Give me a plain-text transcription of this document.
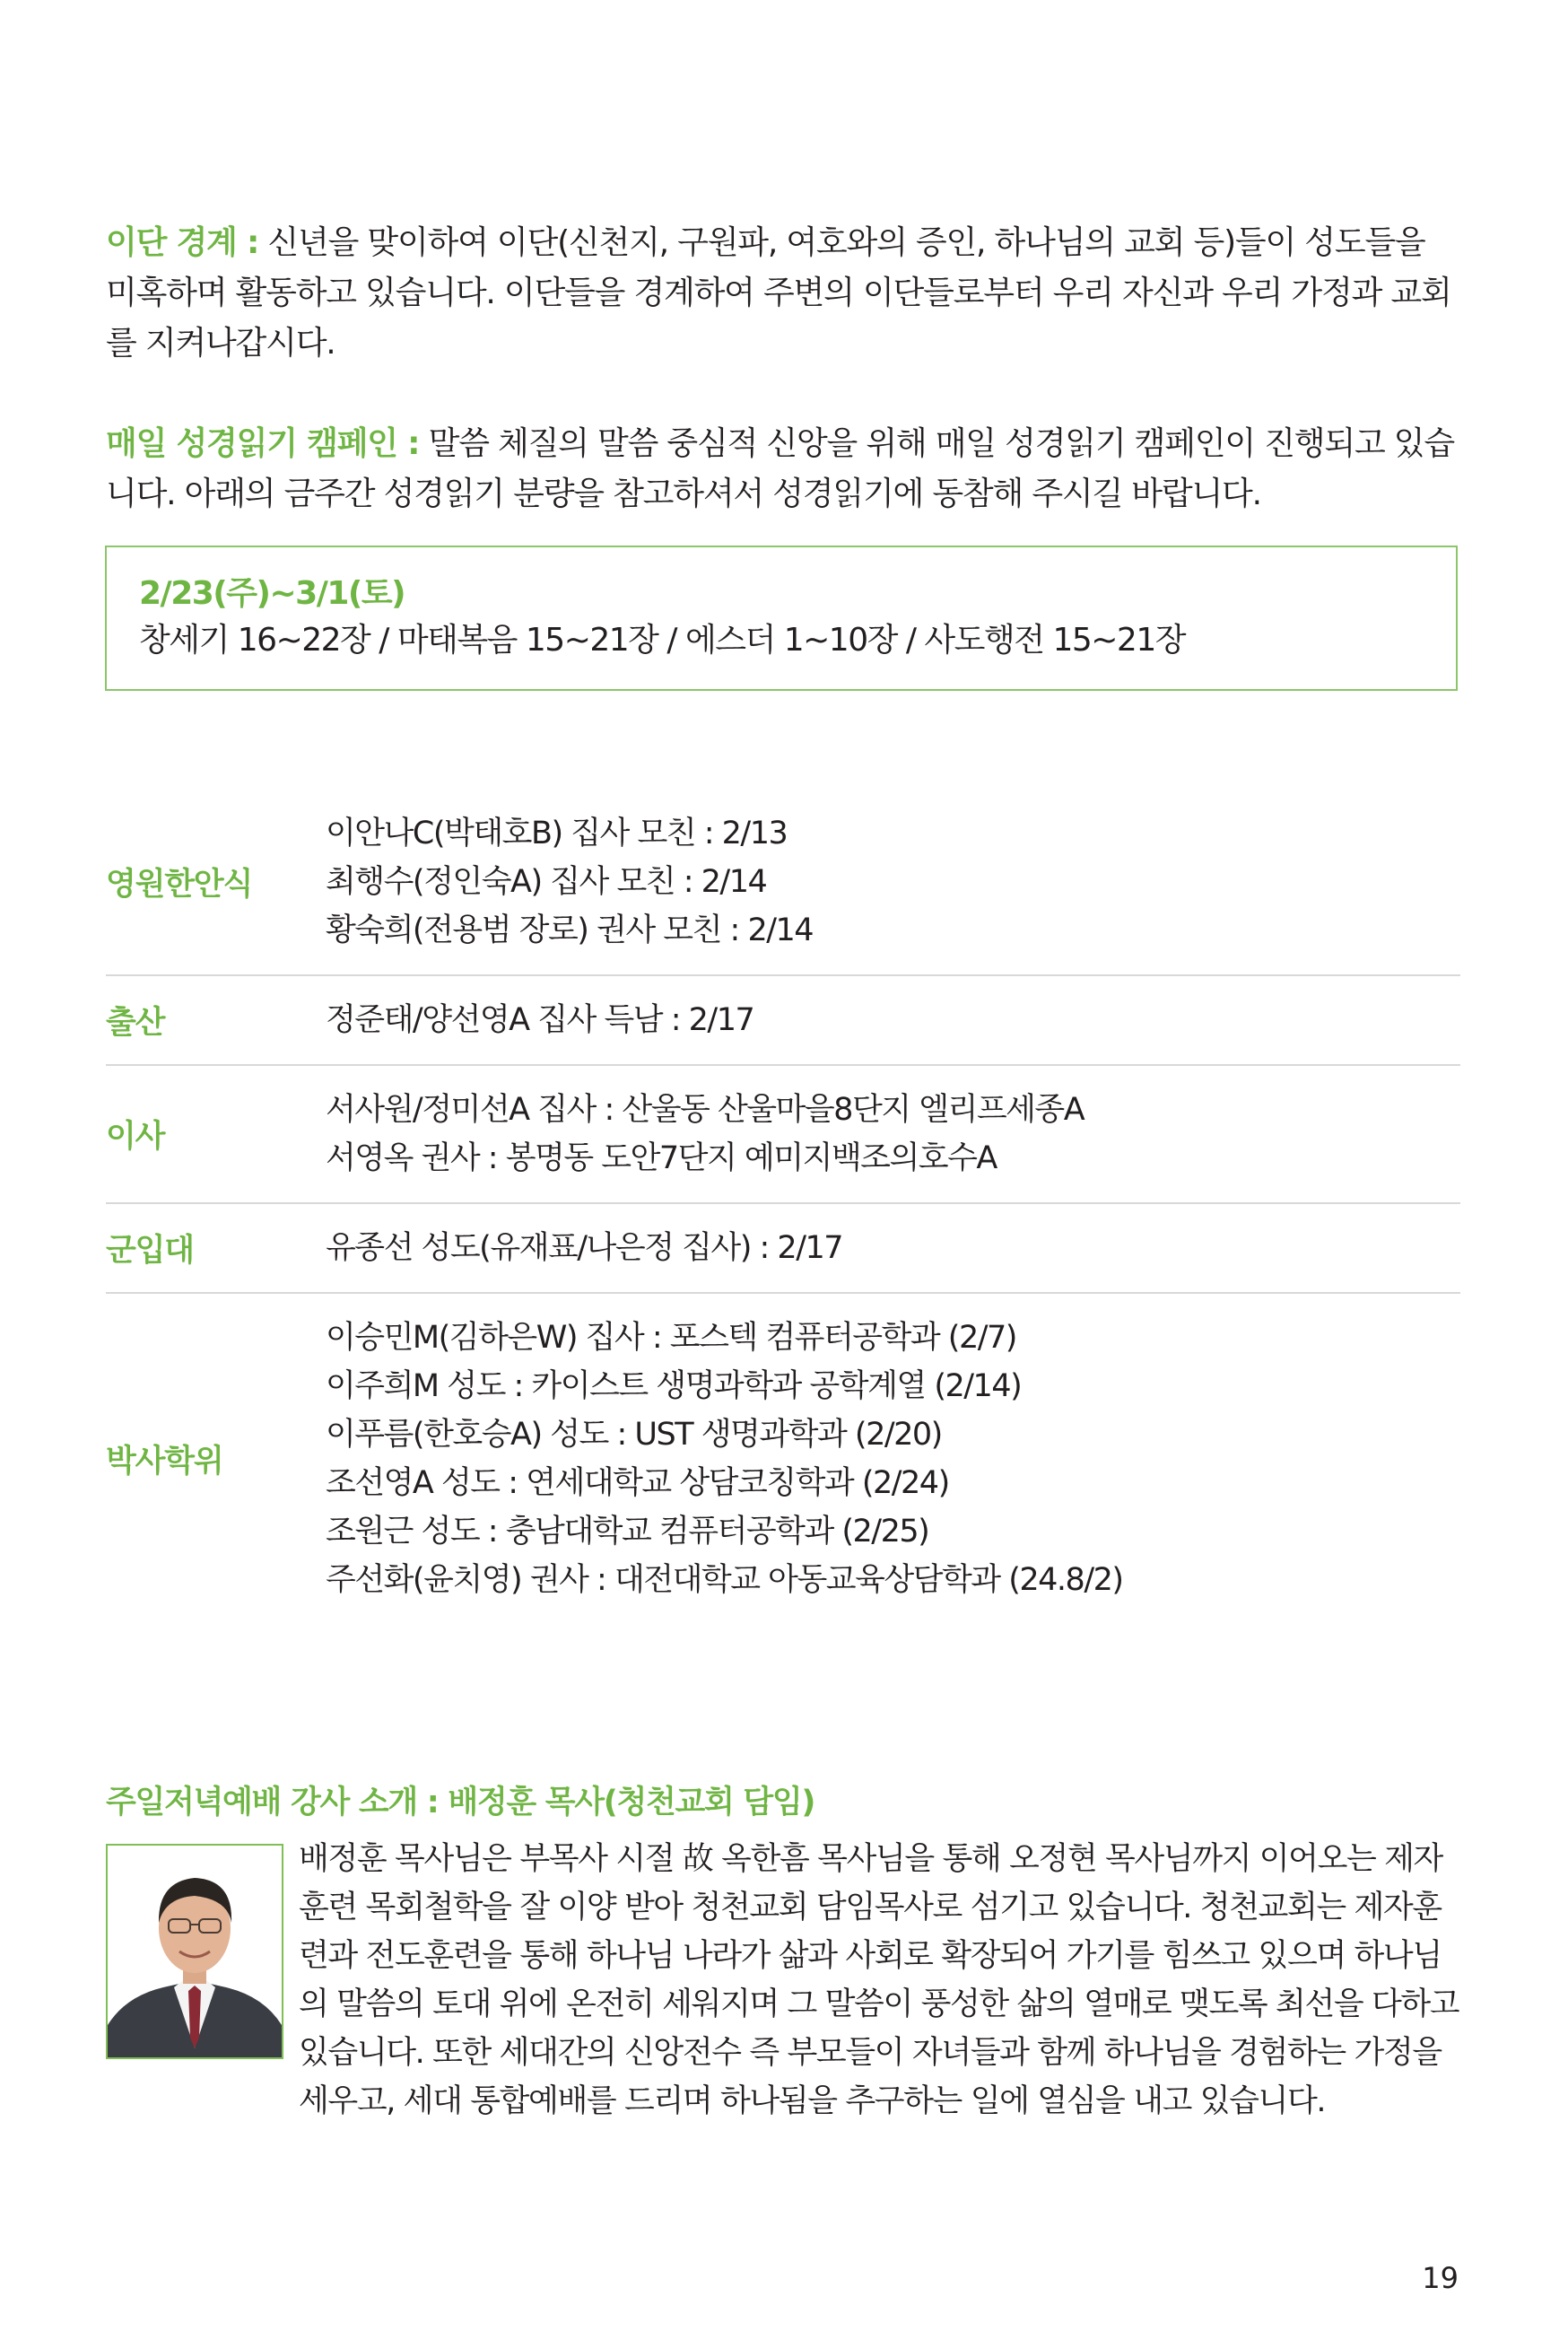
이단 경계 : 신년을 맞이하여 이단(신천지, 구원파, 여호와의 증인, 하나님의 교회 등)들이 성도들을 미혹하며 활동하고 있습니다. 이단들을 경계하여 주변의 이단들로부터 우리 자신과 우리 가정과 교회를 지켜나갑시다.

매일 성경읽기 캠페인 : 말씀 체질의 말씀 중심적 신앙을 위해 매일 성경읽기 캠페인이 진행되고 있습니다. 아래의 금주간 성경읽기 분량을 참고하셔서 성경읽기에 동참해 주시길 바랍니다.

2/23(주)~3/1(토)
창세기 16~22장 / 마태복음 15~21장 / 에스더 1~10장 / 사도행전 15~21장
영원한안식
이안나C(박태호B) 집사 모친 : 2/13
최행수(정인숙A) 집사 모친 : 2/14
황숙희(전용범 장로) 권사 모친 : 2/14
출산	정준태/양선영A 집사 득남 : 2/17
이사
서사원/정미선A 집사 : 산울동 산울마을8단지 엘리프세종A
서영옥 권사 : 봉명동 도안7단지 예미지백조의호수A
군입대	유종선 성도(유재표/나은정 집사) : 2/17
박사학위
이승민M(김하은W) 집사 : 포스텍 컴퓨터공학과 (2/7)
이주희M 성도 : 카이스트 생명과학과 공학계열 (2/14)
이푸름(한호승A) 성도 : UST 생명과학과 (2/20)
조선영A 성도 : 연세대학교 상담코칭학과 (2/24)
조원근 성도 : 충남대학교 컴퓨터공학과 (2/25)
주선화(윤치영) 권사 : 대전대학교 아동교육상담학과 (24.8/2)
주일저녁예배 강사 소개 : 배정훈 목사(청천교회 담임)

배정훈 목사님은 부목사 시절 故 옥한흠 목사님을 통해 오정현 목사님까지 이어오는 제자훈련 목회철학을 잘 이양 받아 청천교회 담임목사로 섬기고 있습니다. 청천교회는 제자훈련과 전도훈련을 통해 하나님 나라가 삶과 사회로 확장되어 가기를 힘쓰고 있으며 하나님의 말씀의 토대 위에 온전히 세워지며 그 말씀이 풍성한 삶의 열매로 맺도록 최선을 다하고 있습니다. 또한 세대간의 신앙전수 즉 부모들이 자녀들과 함께 하나님을 경험하는 가정을 세우고, 세대 통합예배를 드리며 하나됨을 추구하는 일에 열심을 내고 있습니다.

19
